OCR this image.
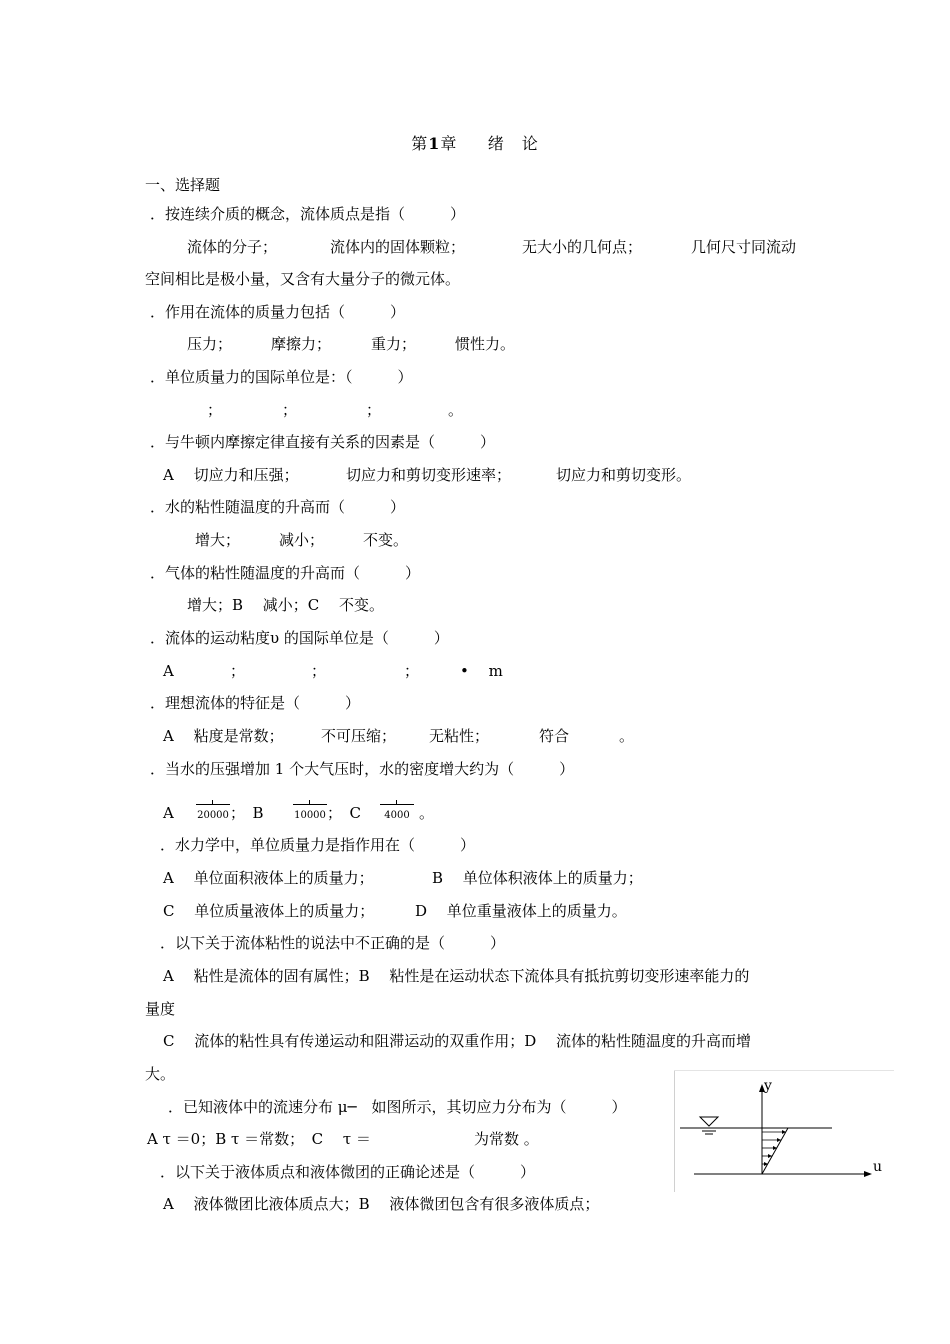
第1章 绪　论
一、选择题
．按连续介质的概念，流体质点是指（　　　）
流体的分子；	流体内的固体颗粒；	无大小的几何点；	几何尺寸同流动
空间相比是极小量，又含有大量分子的微元体。
．作用在流体的质量力包括（　　　）
压力；	摩擦力；	重力；	惯性力。
．单位质量力的国际单位是：（　　　）
；	；	；	。
．与牛顿内摩擦定律直接有关系的因素是（　　　）
A　 切应力和压强；	切应力和剪切变形速率；	切应力和剪切变形。
．水的粘性随温度的升高而（　　　）
增大；	减小；	不变。
．气体的粘性随温度的升高而（　　　）
增大；B　 减小；C　 不变。
．流体的运动粘度υ 的国际单位是（　　　）
A	；	；	；	•　 m
．理想流体的特征是（　　　）
A　 粘度是常数； 不可压缩； 无粘性；	符合	。
．当水的压强增加 1 个大气压时，水的密度增大约为（　　　）
A 20000 ；　B	10000 ；　C	4000 。
．水力学中，单位质量力是指作用在（　　　）
A　 单位面积液体上的质量力；	B　 单位体积液体上的质量力；
C　 单位质量液体上的质量力；	D　 单位重量液体上的质量力。
．以下关于流体粘性的说法中不正确的是（　　　）
A　 粘性是流体的固有属性；B　 粘性是在运动状态下流体具有抵抗剪切变形速率能力的
量度
C　 流体的粘性具有传递运动和阻滞运动的双重作用；D　 流体的粘性随温度的升高而增
大。
．已知液体中的流速分布 μ─　如图所示，其切应力分布为（　　　）
A τ ＝0；B τ ＝常数；　C　 τ ＝	为常数 。
．以下关于液体质点和液体微团的正确论述是（　　　）
A　 液体微团比液体质点大；B　 液体微团包含有很多液体质点；
y
u
